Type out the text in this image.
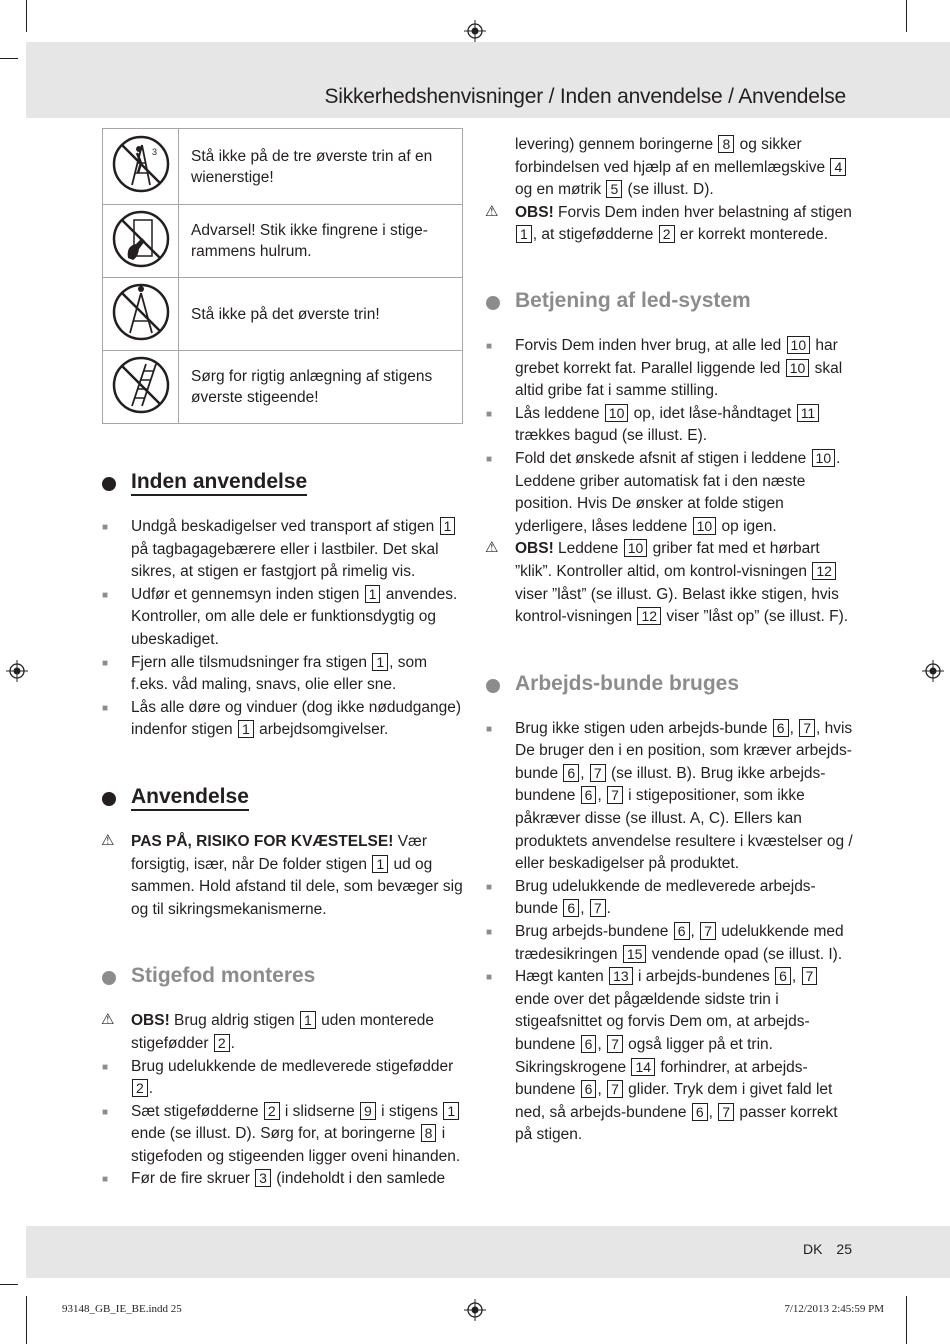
Sikkerhedshenvisninger / Inden anvendelse / Anvendelse
3	Stå ikke på de tre øverste trin af en wienerstige!
	Advarsel! Stik ikke fingrene i stige-rammens hulrum.
	Stå ikke på det øverste trin!
	Sørg for rigtig anlægning af stigens øverste stigeende!
Inden anvendelse
■ Undgå beskadigelser ved transport af stigen 1 på tagbagagebærere eller i lastbiler. Det skal sikres, at stigen er fastgjort på rimelig vis.
■ Udfør et gennemsyn inden stigen 1 anvendes. Kontroller, om alle dele er funktionsdygtig og ubeskadiget.
■ Fjern alle tilsmudsninger fra stigen 1 , som f.eks. våd maling, snavs, olie eller sne.
■ Lås alle døre og vinduer (dog ikke nødudgange) indenfor stigen 1 arbejdsomgivelser.
Anvendelse
⚠ PAS PÅ, RISIKO FOR KVÆSTELSE! Vær forsigtig, især, når De folder stigen 1 ud og sammen. Hold afstand til dele, som bevæger sig og til sikringsmekanismerne.
Stigefod monteres
⚠ OBS! Brug aldrig stigen 1 uden monterede stigefødder 2 .
■ Brug udelukkende de medleverede stigefødder 2 .
■ Sæt stigefødderne 2 i slidserne 9 i stigens 1 ende (se illust. D). Sørg for, at boringerne 8 i stigefoden og stigeenden ligger oveni hinanden.
■ Før de fire skruer 3 (indeholdt i den samlede
levering) gennem boringerne 8 og sikker forbindelsen ved hjælp af en mellemlægskive 4 og en møtrik 5 (se illust. D).
⚠ OBS! Forvis Dem inden hver belastning af stigen 1 , at stigefødderne 2 er korrekt monterede.
Betjening af led-system
■ Forvis Dem inden hver brug, at alle led 10 har grebet korrekt fat. Parallel liggende led 10 skal altid gribe fat i samme stilling.
■ Lås leddene 10 op, idet låse-håndtaget 11 trækkes bagud (se illust. E).
■ Fold det ønskede afsnit af stigen i leddene 10 . Leddene griber automatisk fat i den næste position. Hvis De ønsker at folde stigen yderligere, låses leddene 10 op igen.
⚠ OBS! Leddene 10 griber fat med et hørbart ”klik”. Kontroller altid, om kontrol-visningen 12 viser ”låst” (se illust. G). Belast ikke stigen, hvis kontrol-visningen 12 viser ”låst op” (se illust. F).
Arbejds-bunde bruges
■ Brug ikke stigen uden arbejds-bunde 6 , 7 , hvis De bruger den i en position, som kræver arbejds-bunde 6 , 7 (se illust. B). Brug ikke arbejds-bundene 6 , 7 i stigepositioner, som ikke påkræver disse (se illust. A, C). Ellers kan produktets anvendelse resultere i kvæstelser og / eller beskadigelser på produktet.
■ Brug udelukkende de medleverede arbejds-bunde 6 , 7 .
■ Brug arbejds-bundene 6 , 7 udelukkende med trædesikringen 15 vendende opad (se illust. I).
■ Hægt kanten 13 i arbejds-bundenes 6 , 7 ende over det pågældende sidste trin i stigeafsnittet og forvis Dem om, at arbejds-bundene 6 , 7 også ligger på et trin. Sikringskrogene 14 forhindrer, at arbejds-bundene 6 , 7 glider. Tryk dem i givet fald let ned, så arbejds-bundene 6 , 7 passer korrekt på stigen.
DK 25
93148_GB_IE_BE.indd 25	7/12/2013 2:45:59 PM
